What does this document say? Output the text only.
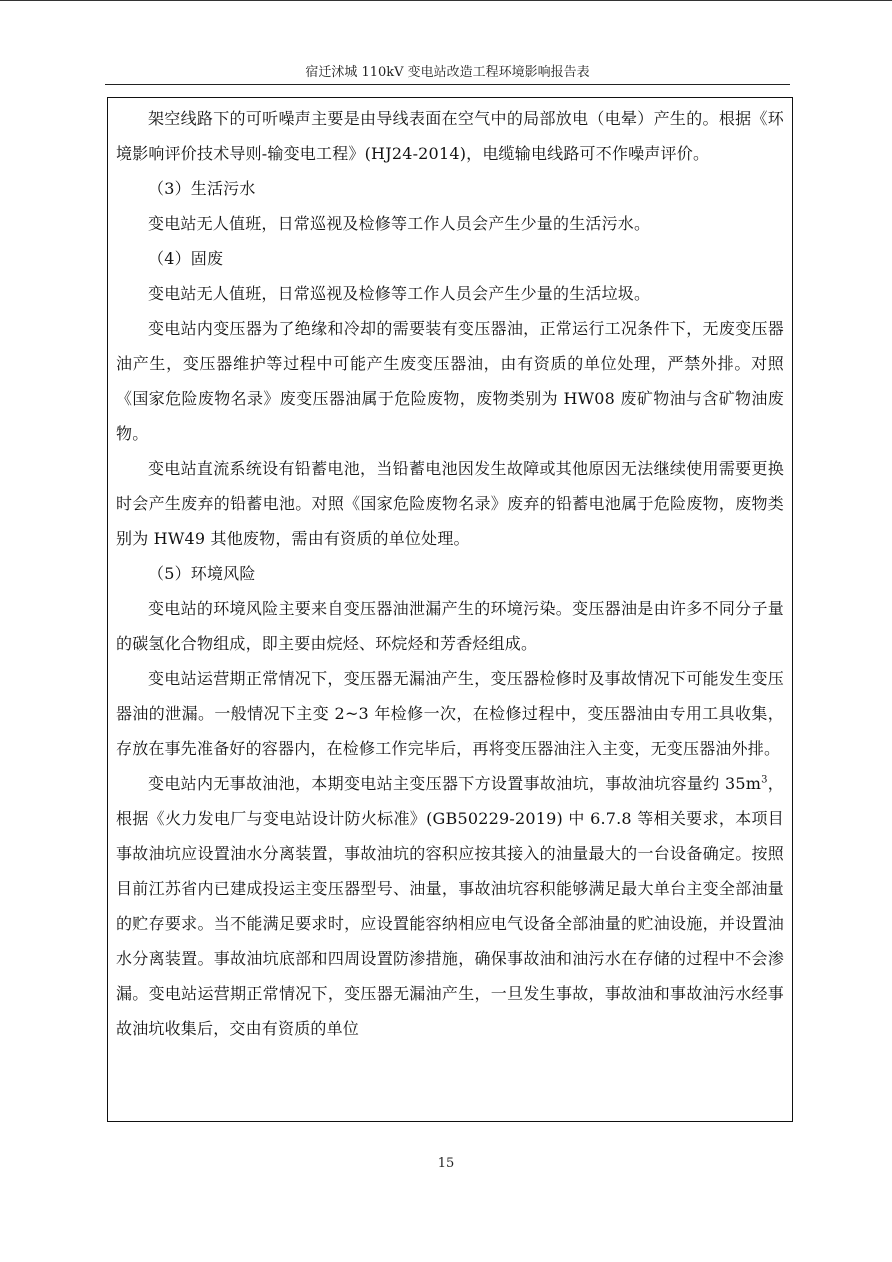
宿迁沭城 110kV 变电站改造工程环境影响报告表

架空线路下的可听噪声主要是由导线表面在空气中的局部放电（电晕）产生的。根据《环境影响评价技术导则-输变电工程》(HJ24-2014)，电缆输电线路可不作噪声评价。

（3）生活污水

变电站无人值班，日常巡视及检修等工作人员会产生少量的生活污水。

（4）固废

变电站无人值班，日常巡视及检修等工作人员会产生少量的生活垃圾。

变电站内变压器为了绝缘和冷却的需要装有变压器油，正常运行工况条件下，无废变压器油产生，变压器维护等过程中可能产生废变压器油，由有资质的单位处理，严禁外排。对照《国家危险废物名录》废变压器油属于危险废物，废物类别为 HW08 废矿物油与含矿物油废物。

变电站直流系统设有铅蓄电池，当铅蓄电池因发生故障或其他原因无法继续使用需要更换时会产生废弃的铅蓄电池。对照《国家危险废物名录》废弃的铅蓄电池属于危险废物，废物类别为 HW49 其他废物，需由有资质的单位处理。

（5）环境风险

变电站的环境风险主要来自变压器油泄漏产生的环境污染。变压器油是由许多不同分子量的碳氢化合物组成，即主要由烷烃、环烷烃和芳香烃组成。

变电站运营期正常情况下，变压器无漏油产生，变压器检修时及事故情况下可能发生变压器油的泄漏。一般情况下主变 2~3 年检修一次，在检修过程中，变压器油由专用工具收集，存放在事先准备好的容器内，在检修工作完毕后，再将变压器油注入主变，无变压器油外排。

变电站内无事故油池，本期变电站主变压器下方设置事故油坑，事故油坑容量约 $35m^3$，根据《火力发电厂与变电站设计防火标准》(GB50229-2019) 中 6.7.8 等相关要求，本项目事故油坑应设置油水分离装置，事故油坑的容积应按其接入的油量最大的一台设备确定。按照目前江苏省内已建成投运主变压器型号、油量，事故油坑容积能够满足最大单台主变全部油量的贮存要求。当不能满足要求时，应设置能容纳相应电气设备全部油量的贮油设施，并设置油水分离装置。事故油坑底部和四周设置防渗措施，确保事故油和油污水在存储的过程中不会渗漏。变电站运营期正常情况下，变压器无漏油产生，一旦发生事故，事故油和事故油污水经事故油坑收集后，交由有资质的单位

15
